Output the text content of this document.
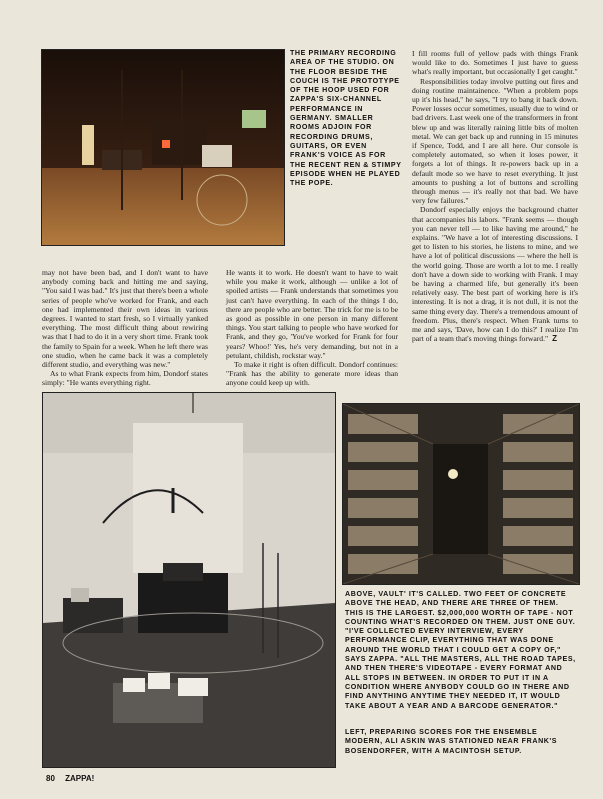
THE PRIMARY RECORDING AREA OF THE STUDIO. ON THE FLOOR BESIDE THE COUCH IS THE PROTOTYPE OF THE HOOP USED FOR ZAPPA'S SIX-CHANNEL PERFORMANCE IN GERMANY. SMALLER ROOMS ADJOIN FOR RECORDING DRUMS, GUITARS, OR EVEN FRANK'S VOICE AS FOR THE RECENT REN & STIMPY EPISODE WHEN HE PLAYED THE POPE.

I fill rooms full of yellow pads with things Frank would like to do. Sometimes I just have to guess what's really important, but occasionally I get caught."

Responsibilities today involve putting out fires and doing routine maintainence. "When a problem pops up it's his head," he says, "I try to bang it back down. Power losses occur sometimes, usually due to wind or bad drivers. Last week one of the transformers in front blew up and was literally raining little bits of molten metal. We can get back up and running in 15 minutes if Spence, Todd, and I are all here. Our console is completely automated, so when it loses power, it forgets a lot of things. It re-powers back up in a default mode so we have to reset everything. It just amounts to pushing a lot of buttons and scrolling through menus — it's really not that bad. We have very few failures."

Dondorf especially enjoys the background chatter that accompanies his labors. "Frank seems — though you can never tell — to like having me around," he explains. "We have a lot of interesting discussions. I get to listen to his stories, he listens to mine, and we have a lot of political discussions — where the hell is the world going. Those are worth a lot to me. I really don't have a down side to working with Frank. I may be having a charmed life, but generally it's been relatively easy. The best part of working here is it's interesting. It is not a drag, it is not dull, it is not the same thing every day. There's a tremendous amount of freedom. Plus, there's respect. When Frank turns to me and says, 'Dave, how can I do this?' I realize I'm part of a team that's moving things forward." Z

may not have been bad, and I don't want to have anybody coming back and hitting me and saying, "You said I was bad." It's just that there's been a whole series of people who've worked for Frank, and each one had implemented their own ideas in various degrees. I wanted to start fresh, so I virtually yanked everything. The most difficult thing about rewiring was that I had to do it in a very short time. Frank took the family to Spain for a week. When he left there was one studio, when he came back it was a completely different studio, and everything was new."

As to what Frank expects from him, Dondorf states simply: "He wants everything right.

He wants it to work. He doesn't want to have to wait while you make it work, although — unlike a lot of spoiled artists — Frank understands that sometimes you just can't have everything. In each of the things I do, there are people who are better. The trick for me is to be as good as possible in one person in many different things. You start talking to people who have worked for Frank, and they go, 'You've worked for Frank for four years? Whoo!' Yes, he's very demanding, but not in a petulant, childish, rockstar way."

To make it right is often difficult. Dondorf continues: "Frank has the ability to generate more ideas than anyone could keep up with.

ABOVE, VAULT' IT'S CALLED. TWO FEET OF CONCRETE ABOVE THE HEAD, AND THERE ARE THREE OF THEM. THIS IS THE LARGEST. $2,000,000 WORTH OF TAPE - NOT COUNTING WHAT'S RECORDED ON THEM. JUST ONE GUY. "I'VE COLLECTED EVERY INTERVIEW, EVERY PERFORMANCE CLIP, EVERYTHING THAT WAS DONE AROUND THE WORLD THAT I COULD GET A COPY OF," SAYS ZAPPA. "ALL THE MASTERS, ALL THE ROAD TAPES, AND THEN THERE'S VIDEOTAPE - EVERY FORMAT AND ALL STOPS IN BETWEEN. IN ORDER TO PUT IT IN A CONDITION WHERE ANYBODY COULD GO IN THERE AND FIND ANYTHING ANYTIME THEY NEEDED IT, IT WOULD TAKE ABOUT A YEAR AND A BARCODE GENERATOR."
LEFT, PREPARING SCORES FOR THE ENSEMBLE MODERN, ALI ASKIN WAS STATIONED NEAR FRANK'S BOSENDORFER, WITH A MACINTOSH SETUP.
80 ZAPPA!
